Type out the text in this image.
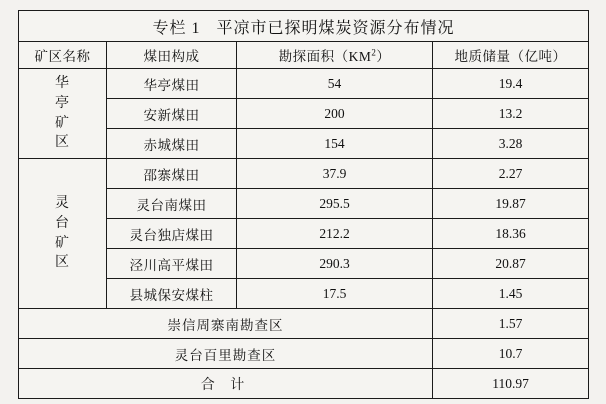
专栏 1 平凉市已探明煤炭资源分布情况			
矿区名称	煤田构成	勘探面积$(KM^2)$	地质储量（亿吨）

华
亭
矿
区	华亭煤田	54	19.4
	安新煤田	200	13.2
	赤城煤田	154	3.28

灵
台
矿
区	邵寨煤田	37.9	2.27
	灵台南煤田	295.5	19.87
	灵台独店煤田	212.2	18.36
	泾川高平煤田	290.3	20.87
	县城保安煤柱	17.5	1.45
崇信周寨南勘查区			1.57
灵台百里勘查区			10.7
合 计			110.97
